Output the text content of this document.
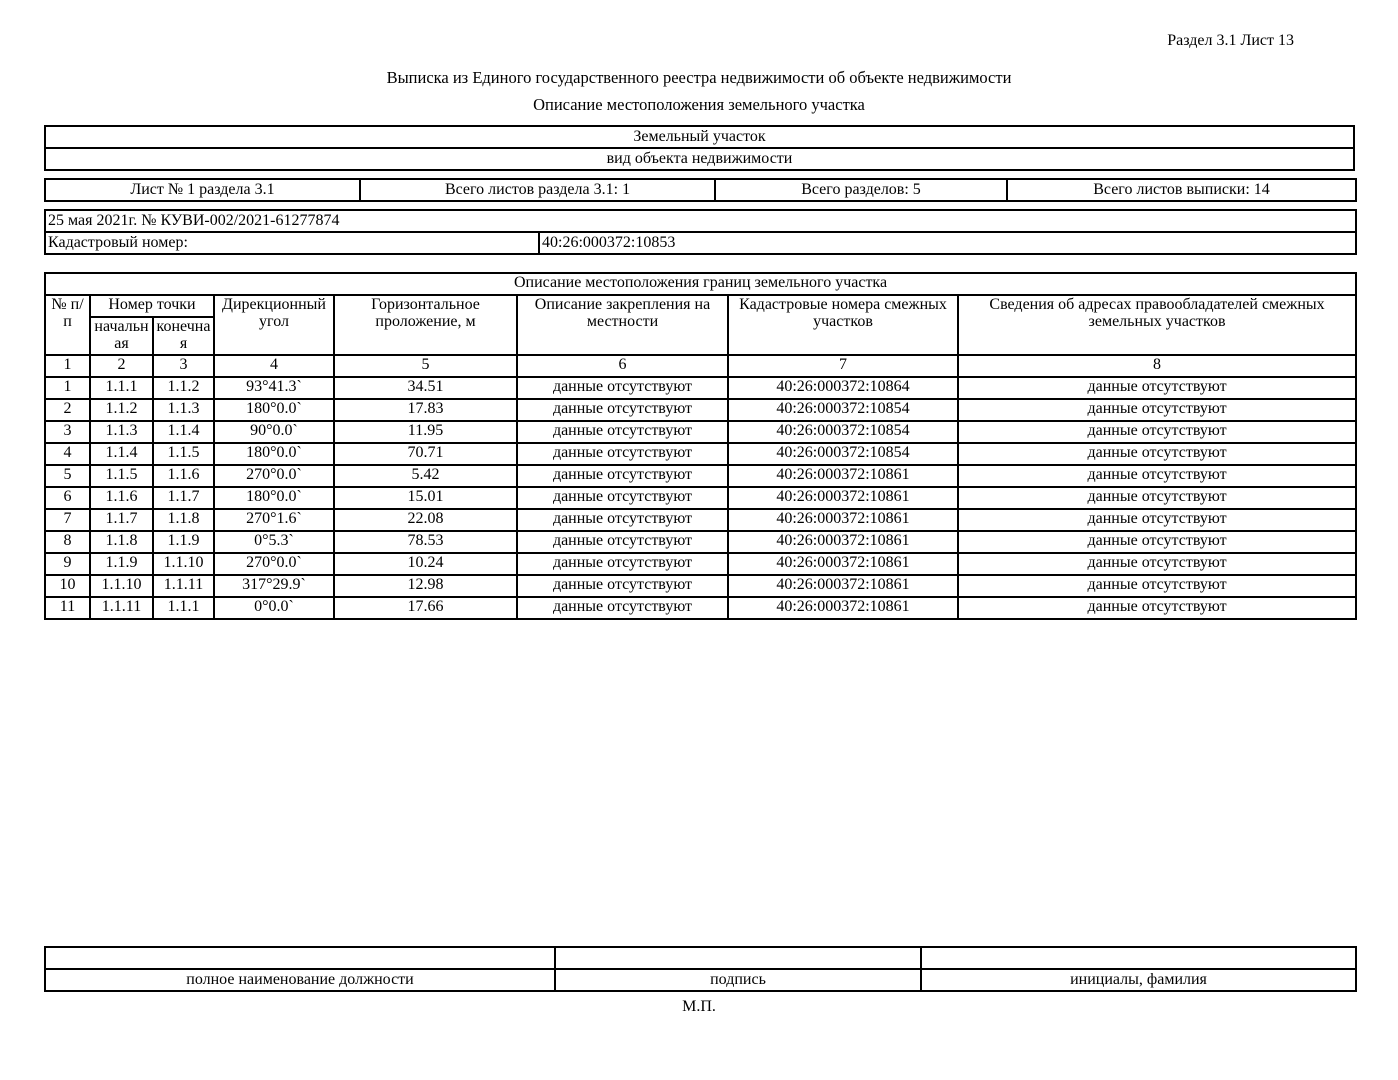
Раздел 3.1 Лист 13
Выписка из Единого государственного реестра недвижимости об объекте недвижимости
Описание местоположения земельного участка
Земельный участок
вид объекта недвижимости
Лист № 1 раздела 3.1	Всего листов раздела 3.1: 1	Всего разделов: 5	Всего листов выписки: 14
25 мая 2021г. № КУВИ-002/2021-61277874
Кадастровый номер:	40:26:000372:10853
Описание местоположения границ земельного участка							
№ п/п	Номер точки		Дирекционный угол	Горизонтальное проложение, м	Описание закрепления на местности	Кадастровые номера смежных участков	Сведения об адресах правообладателей смежных земельных участков
	начальная	конечная					
1	2	3	4	5	6	7	8
1	1.1.1	1.1.2	93°41.3`	34.51	данные отсутствуют	40:26:000372:10864	данные отсутствуют
2	1.1.2	1.1.3	180°0.0`	17.83	данные отсутствуют	40:26:000372:10854	данные отсутствуют
3	1.1.3	1.1.4	90°0.0`	11.95	данные отсутствуют	40:26:000372:10854	данные отсутствуют
4	1.1.4	1.1.5	180°0.0`	70.71	данные отсутствуют	40:26:000372:10854	данные отсутствуют
5	1.1.5	1.1.6	270°0.0`	5.42	данные отсутствуют	40:26:000372:10861	данные отсутствуют
6	1.1.6	1.1.7	180°0.0`	15.01	данные отсутствуют	40:26:000372:10861	данные отсутствуют
7	1.1.7	1.1.8	270°1.6`	22.08	данные отсутствуют	40:26:000372:10861	данные отсутствуют
8	1.1.8	1.1.9	0°5.3`	78.53	данные отсутствуют	40:26:000372:10861	данные отсутствуют
9	1.1.9	1.1.10	270°0.0`	10.24	данные отсутствуют	40:26:000372:10861	данные отсутствуют
10	1.1.10	1.1.11	317°29.9`	12.98	данные отсутствуют	40:26:000372:10861	данные отсутствуют
11	1.1.11	1.1.1	0°0.0`	17.66	данные отсутствуют	40:26:000372:10861	данные отсутствуют

полное наименование должности	подпись	инициалы, фамилия
М.П.
